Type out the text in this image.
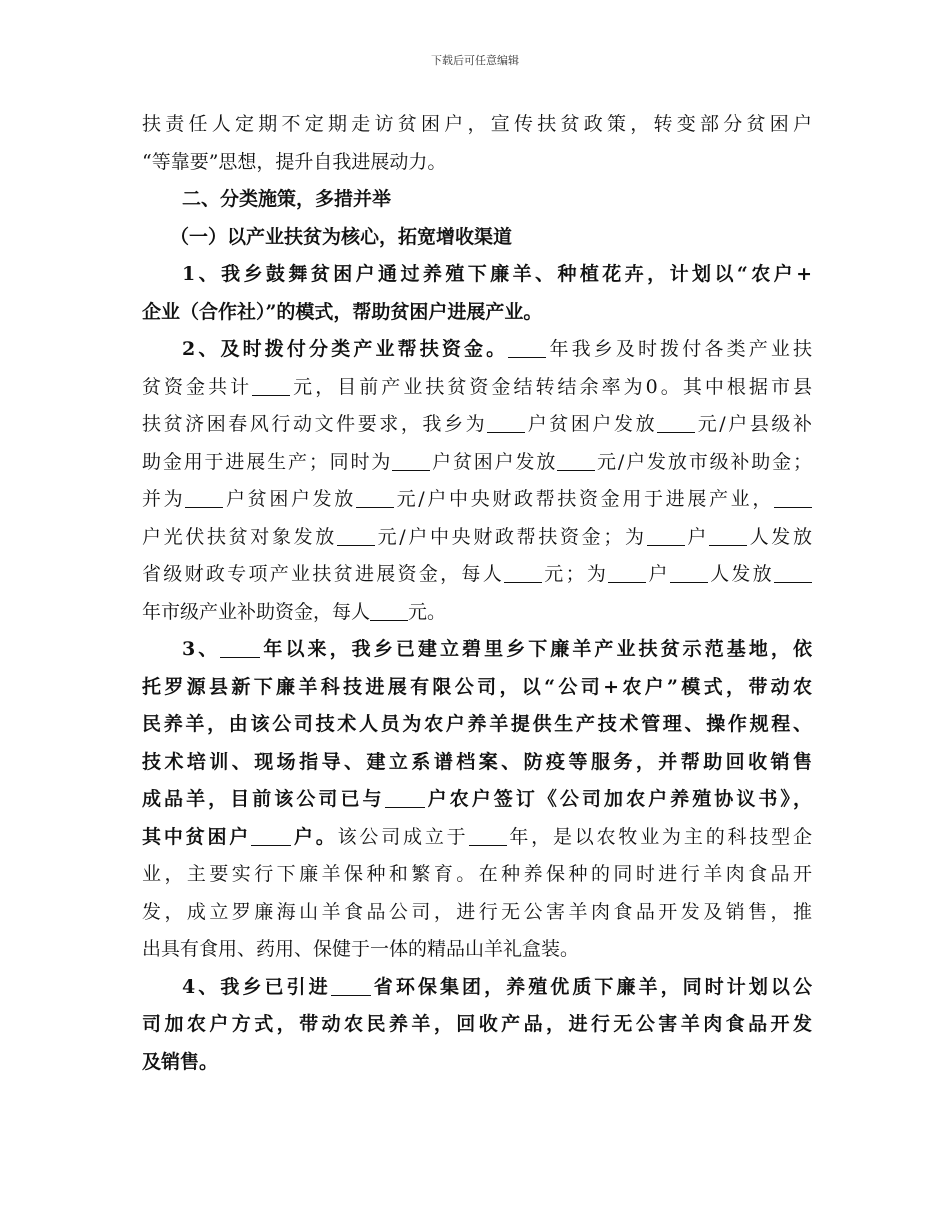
下载后可任意编辑

扶责任人定期不定期走访贫困户，宣传扶贫政策，转变部分贫困户

“等靠要”思想，提升自我进展动力。

二、分类施策，多措并举

（一）以产业扶贫为核心，拓宽增收渠道

1、我乡鼓舞贫困户通过养殖下廉羊、种植花卉，计划以“农户+

企业（合作社）”的模式，帮助贫困户进展产业。

2、及时拨付分类产业帮扶资金。 年我乡及时拨付各类产业扶

贫资金共计 元，目前产业扶贫资金结转结余率为0。其中根据市县

扶贫济困春风行动文件要求，我乡为 户贫困户发放 元/户县级补

助金用于进展生产；同时为 户贫困户发放 元/户发放市级补助金；

并为 户贫困户发放 元/户中央财政帮扶资金用于进展产业，

户光伏扶贫对象发放 元/户中央财政帮扶资金；为 户 人发放

省级财政专项产业扶贫进展资金，每人 元；为 户 人发放

年市级产业补助资金，每人 元。

3、 年以来，我乡已建立碧里乡下廉羊产业扶贫示范基地，依

托罗源县新下廉羊科技进展有限公司，以“公司+农户”模式，带动农

民养羊，由该公司技术人员为农户养羊提供生产技术管理、操作规程、

技术培训、现场指导、建立系谱档案、防疫等服务，并帮助回收销售

成品羊，目前该公司已与 户农户签订《公司加农户养殖协议书》，

其中贫困户 户。该公司成立于 年，是以农牧业为主的科技型企

业，主要实行下廉羊保种和繁育。在种养保种的同时进行羊肉食品开

发，成立罗廉海山羊食品公司，进行无公害羊肉食品开发及销售，推

出具有食用、药用、保健于一体的精品山羊礼盒装。

4、我乡已引进 省环保集团，养殖优质下廉羊，同时计划以公

司加农户方式，带动农民养羊，回收产品，进行无公害羊肉食品开发

及销售。
